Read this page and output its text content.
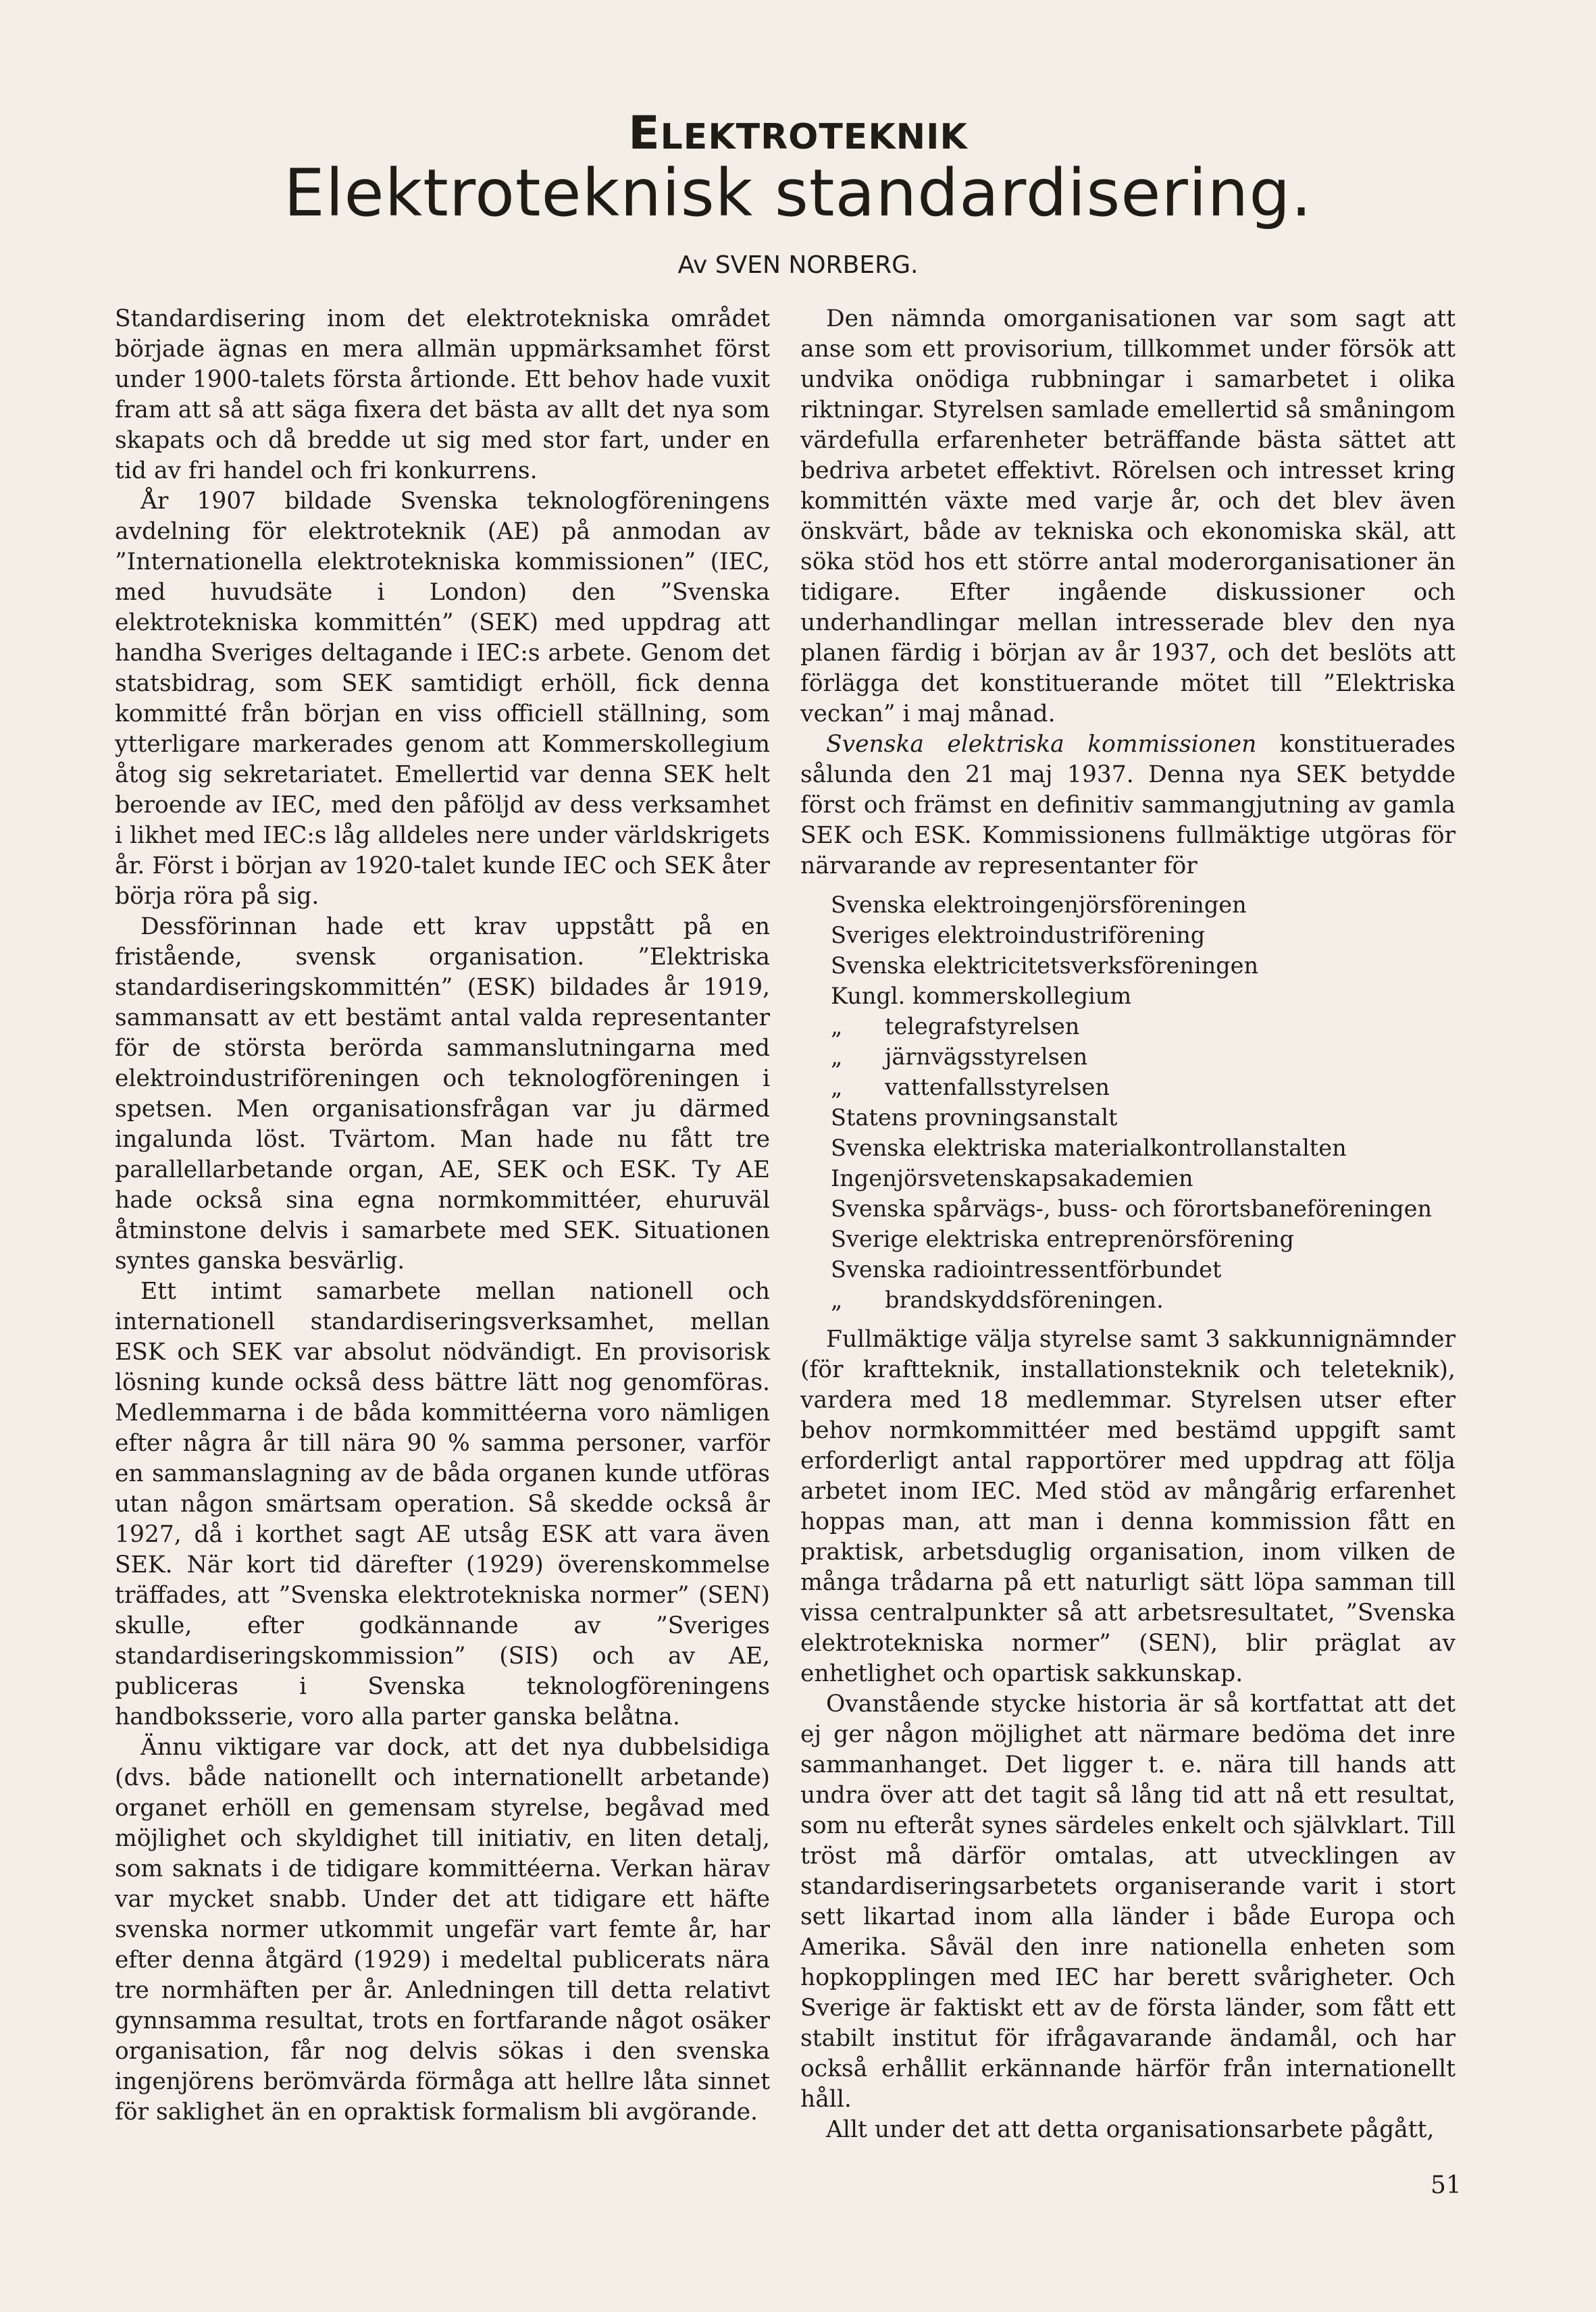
ELEKTROTEKNIK
Elektroteknisk standardisering.
Av SVEN NORBERG.

Standardisering inom det elektrotekniska området började ägnas en mera allmän uppmärksamhet först under 1900-talets första årtionde. Ett behov hade vuxit fram att så att säga fixera det bästa av allt det nya som skapats och då bredde ut sig med stor fart, under en tid av fri handel och fri konkurrens.

År 1907 bildade Svenska teknologföreningens avdelning för elektroteknik (AE) på anmodan av ”Internationella elektrotekniska kommissionen” (IEC, med huvudsäte i London) den ”Svenska elektrotekniska kommittén” (SEK) med uppdrag att handha Sveriges deltagande i IEC:s arbete. Genom det statsbidrag, som SEK samtidigt erhöll, fick denna kommitté från början en viss officiell ställning, som ytterligare markerades genom att Kommerskollegium åtog sig sekretariatet. Emellertid var denna SEK helt beroende av IEC, med den påföljd av dess verksamhet i likhet med IEC:s låg alldeles nere under världskrigets år. Först i början av 1920-talet kunde IEC och SEK åter börja röra på sig.

Dessförinnan hade ett krav uppstått på en fristående, svensk organisation. ”Elektriska standardiseringskommittén” (ESK) bildades år 1919, sammansatt av ett bestämt antal valda representanter för de största berörda sammanslutningarna med elektroindustriföreningen och teknologföreningen i spetsen. Men organisationsfrågan var ju därmed ingalunda löst. Tvärtom. Man hade nu fått tre parallellarbetande organ, AE, SEK och ESK. Ty AE hade också sina egna normkommittéer, ehuruväl åtminstone delvis i samarbete med SEK. Situationen syntes ganska besvärlig.

Ett intimt samarbete mellan nationell och internationell standardiseringsverksamhet, mellan ESK och SEK var absolut nödvändigt. En provisorisk lösning kunde också dess bättre lätt nog genomföras. Medlemmarna i de båda kommittéerna voro nämligen efter några år till nära 90 % samma personer, varför en sammanslagning av de båda organen kunde utföras utan någon smärtsam operation. Så skedde också år 1927, då i korthet sagt AE utsåg ESK att vara även SEK. När kort tid därefter (1929) överenskommelse träffades, att ”Svenska elektrotekniska normer” (SEN) skulle, efter godkännande av ”Sveriges standardiseringskommission” (SIS) och av AE, publiceras i Svenska teknologföreningens handboksserie, voro alla parter ganska belåtna.

Ännu viktigare var dock, att det nya dubbelsidiga (dvs. både nationellt och internationellt arbetande) organet erhöll en gemensam styrelse, begåvad med möjlighet och skyldighet till initiativ, en liten detalj, som saknats i de tidigare kommittéerna. Verkan härav var mycket snabb. Under det att tidigare ett häfte svenska normer utkommit ungefär vart femte år, har efter denna åtgärd (1929) i medeltal publicerats nära tre normhäften per år. Anledningen till detta relativt gynnsamma resultat, trots en fortfarande något osäker organisation, får nog delvis sökas i den svenska ingenjörens berömvärda förmåga att hellre låta sinnet för saklighet än en opraktisk formalism bli avgörande.

Den nämnda omorganisationen var som sagt att anse som ett provisorium, tillkommet under försök att undvika onödiga rubbningar i samarbetet i olika riktningar. Styrelsen samlade emellertid så småningom värdefulla erfarenheter beträffande bästa sättet att bedriva arbetet effektivt. Rörelsen och intresset kring kommittén växte med varje år, och det blev även önskvärt, både av tekniska och ekonomiska skäl, att söka stöd hos ett större antal moderorganisationer än tidigare. Efter ingående diskussioner och underhandlingar mellan intresserade blev den nya planen färdig i början av år 1937, och det beslöts att förlägga det konstituerande mötet till ”Elektriska veckan” i maj månad.

Svenska elektriska kommissionen konstituerades sålunda den 21 maj 1937. Denna nya SEK betydde först och främst en definitiv sammangjutning av gamla SEK och ESK. Kommissionens fullmäktige utgöras för närvarande av representanter för

Svenska elektroingenjörsföreningen
Sveriges elektroindustriförening
Svenska elektricitetsverksföreningen
Kungl. kommerskollegium
„ telegrafstyrelsen
„ järnvägsstyrelsen
„ vattenfallsstyrelsen
Statens provningsanstalt
Svenska elektriska materialkontrollanstalten
Ingenjörsvetenskapsakademien
Svenska spårvägs-, buss- och förortsbaneföreningen
Sverige elektriska entreprenörsförening
Svenska radiointressentförbundet
„ brandskyddsföreningen.

Fullmäktige välja styrelse samt 3 sakkunnignämnder (för kraftteknik, installationsteknik och teleteknik), vardera med 18 medlemmar. Styrelsen utser efter behov normkommittéer med bestämd uppgift samt erforderligt antal rapportörer med uppdrag att följa arbetet inom IEC. Med stöd av mångårig erfarenhet hoppas man, att man i denna kommission fått en praktisk, arbetsduglig organisation, inom vilken de många trådarna på ett naturligt sätt löpa samman till vissa centralpunkter så att arbetsresultatet, ”Svenska elektrotekniska normer” (SEN), blir präglat av enhetlighet och opartisk sakkunskap.

Ovanstående stycke historia är så kortfattat att det ej ger någon möjlighet att närmare bedöma det inre sammanhanget. Det ligger t. e. nära till hands att undra över att det tagit så lång tid att nå ett resultat, som nu efteråt synes särdeles enkelt och självklart. Till tröst må därför omtalas, att utvecklingen av standardiseringsarbetets organiserande varit i stort sett likartad inom alla länder i både Europa och Amerika. Såväl den inre nationella enheten som hopkopplingen med IEC har berett svårigheter. Och Sverige är faktiskt ett av de första länder, som fått ett stabilt institut för ifrågavarande ändamål, och har också erhållit erkännande härför från internationellt håll.

Allt under det att detta organisationsarbete pågått,

51
